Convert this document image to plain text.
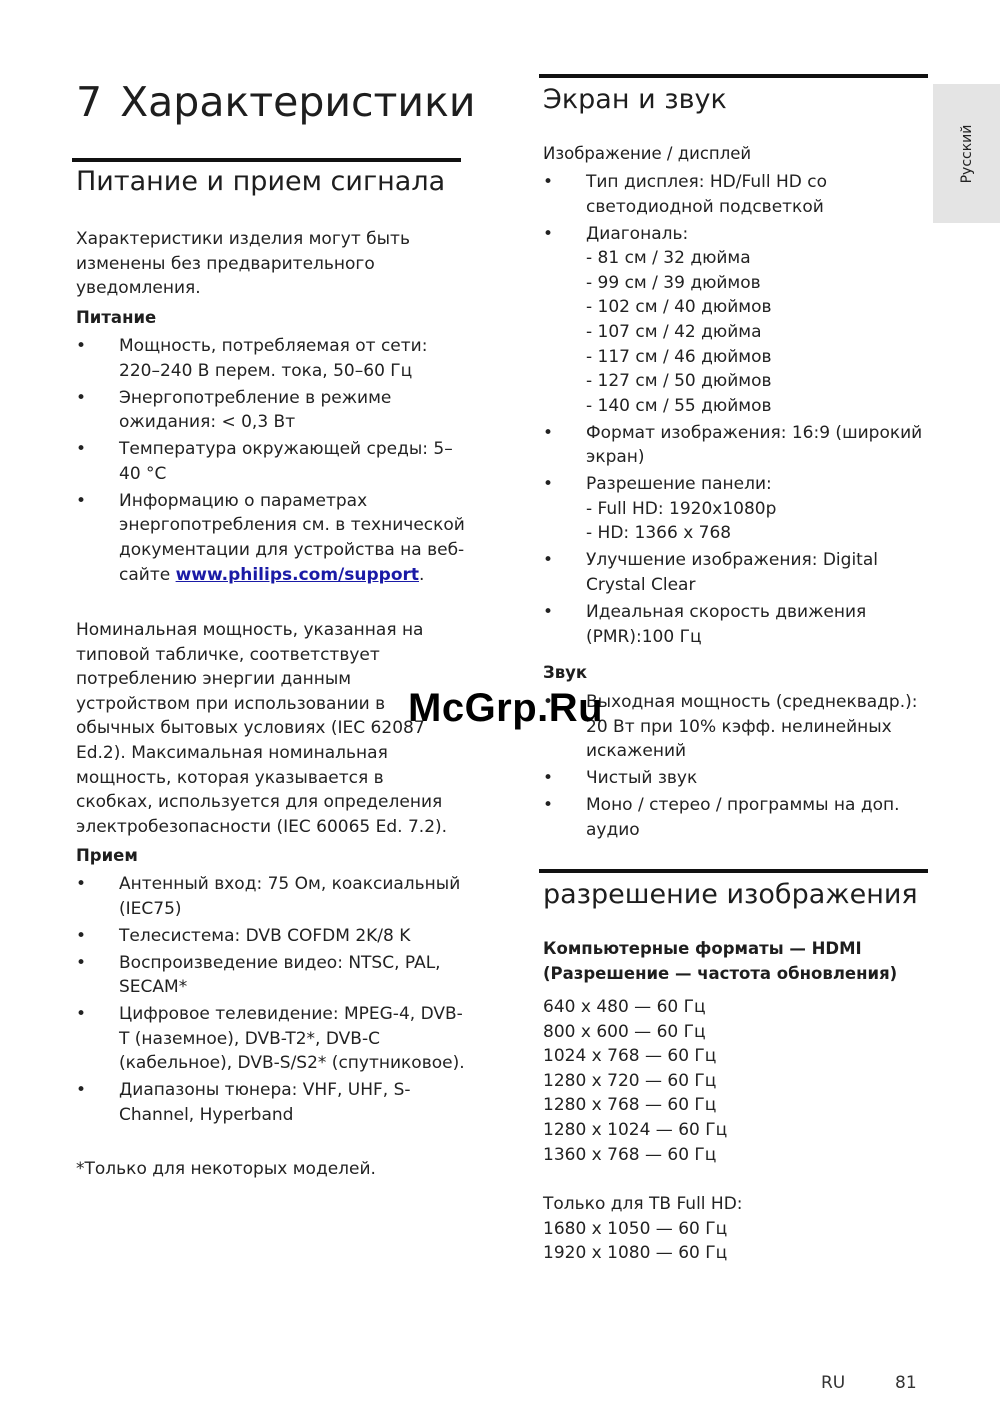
7 Характеристики
Русский
Питание и прием сигнала

Характеристики изделия могут быть изменены без предварительного уведомления.

Питание
• Мощность, потребляемая от сети: 220–240 В перем. тока, 50–60 Гц
• Энергопотребление в режиме ожидания: < 0,3 Вт
• Температура окружающей среды: 5–40 °C
• Информацию о параметрах энергопотребления см. в технической документации для устройства на веб-сайте www.philips.com/support.

Номинальная мощность, указанная на типовой табличке, соответствует потреблению энергии данным устройством при использовании в обычных бытовых условиях (IEC 62087 Ed.2). Максимальная номинальная мощность, которая указывается в скобках, используется для определения электробезопасности (IEC 60065 Ed. 7.2).

Прием
• Антенный вход: 75 Ом, коаксиальный (IEC75)
• Телесистема: DVB COFDM 2K/8 K
• Воспроизведение видео: NTSC, PAL, SECAM*
• Цифровое телевидение: MPEG-4, DVB-T (наземное), DVB-T2*, DVB-C (кабельное), DVB-S/S2* (спутниковое).
• Диапазоны тюнера: VHF, UHF, S-Channel, Hyperband

*Только для некоторых моделей.

Экран и звук
Изображение / дисплей
• Тип дисплея: HD/Full HD со светодиодной подсветкой
• Диагональ:
- 81 см / 32 дюйма
- 99 см / 39 дюймов
- 102 см / 40 дюймов
- 107 см / 42 дюйма
- 117 см / 46 дюймов
- 127 см / 50 дюймов
- 140 см / 55 дюймов
• Формат изображения: 16:9 (широкий экран)
• Разрешение панели:
- Full HD: 1920x1080p
- HD: 1366 x 768
• Улучшение изображения: Digital Crystal Clear
• Идеальная скорость движения (PMR):100 Гц
Звук
• Выходная мощность (среднеквадр.): 20 Вт при 10% кэфф. нелинейных искажений
• Чистый звук
• Моно / стерео / программы на доп. аудио
разрешение изображения
Компьютерные форматы — HDMI
(Разрешение — частота обновления)
640 x 480 — 60 Гц
800 x 600 — 60 Гц
1024 x 768 — 60 Гц
1280 x 720 — 60 Гц
1280 x 768 — 60 Гц
1280 x 1024 — 60 Гц
1360 x 768 — 60 Гц
Только для ТВ Full HD:
1680 x 1050 — 60 Гц
1920 x 1080 — 60 Гц
RU	81
McGrp.Ru
